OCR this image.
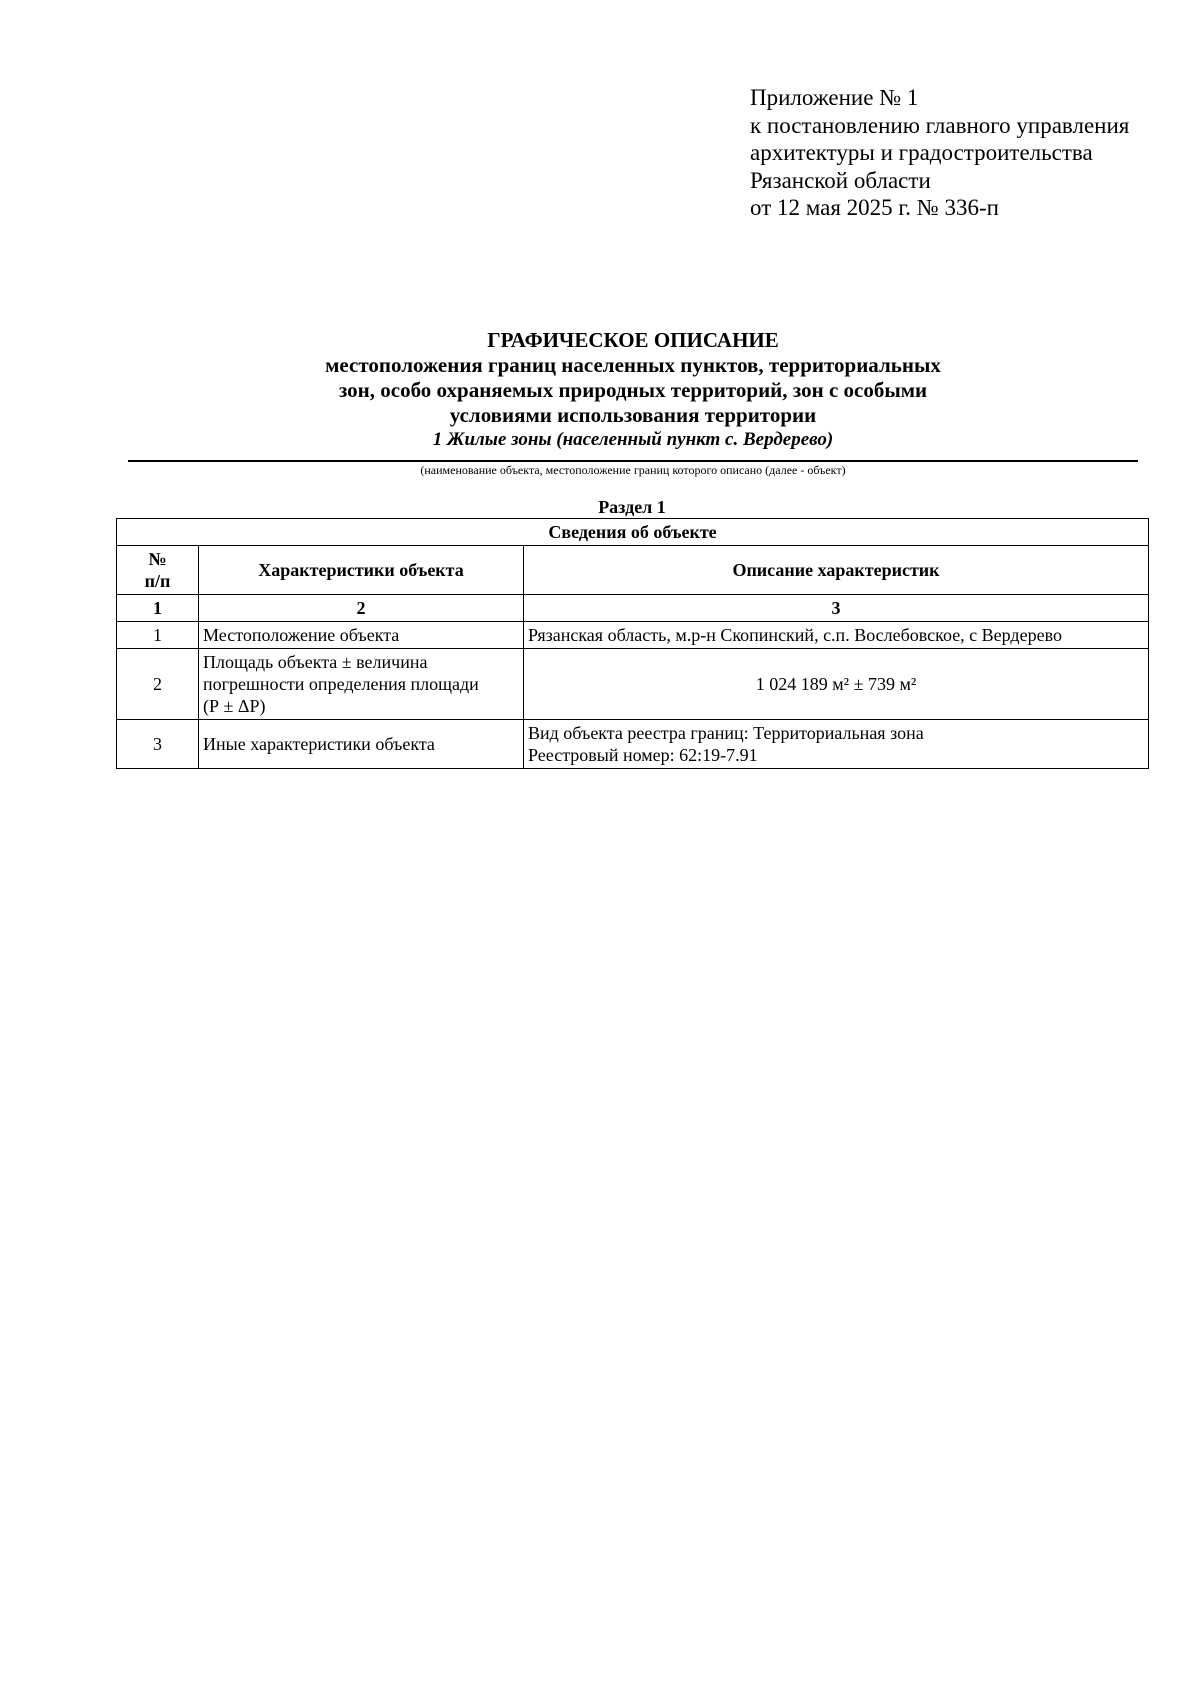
Приложение № 1
к постановлению главного управления
архитектуры и градостроительства
Рязанской области
от 12 мая 2025 г. № 336-п
ГРАФИЧЕСКОЕ ОПИСАНИЕ
местоположения границ населенных пунктов, территориальных
зон, особо охраняемых природных территорий, зон с особыми
условиями использования территории
1 Жилые зоны (населенный пункт с. Вердерево)
(наименование объекта, местоположение границ которого описано (далее - объект)
Раздел 1
Сведения об объекте		

№
п/п	Характеристики объекта	Описание характеристик
1	2	3
1	Местоположение объекта	Рязанская область, м.р-н Скопинский, с.п. Вослебовское, с Вердерево

2	Площадь объекта ± величина
погрешности определения площади
(Р ± ΔР)	1 024 189 м² ± 739 м²

3	Иные характеристики объекта	Вид объекта реестра границ: Территориальная зона
Реестровый номер: 62:19-7.91
